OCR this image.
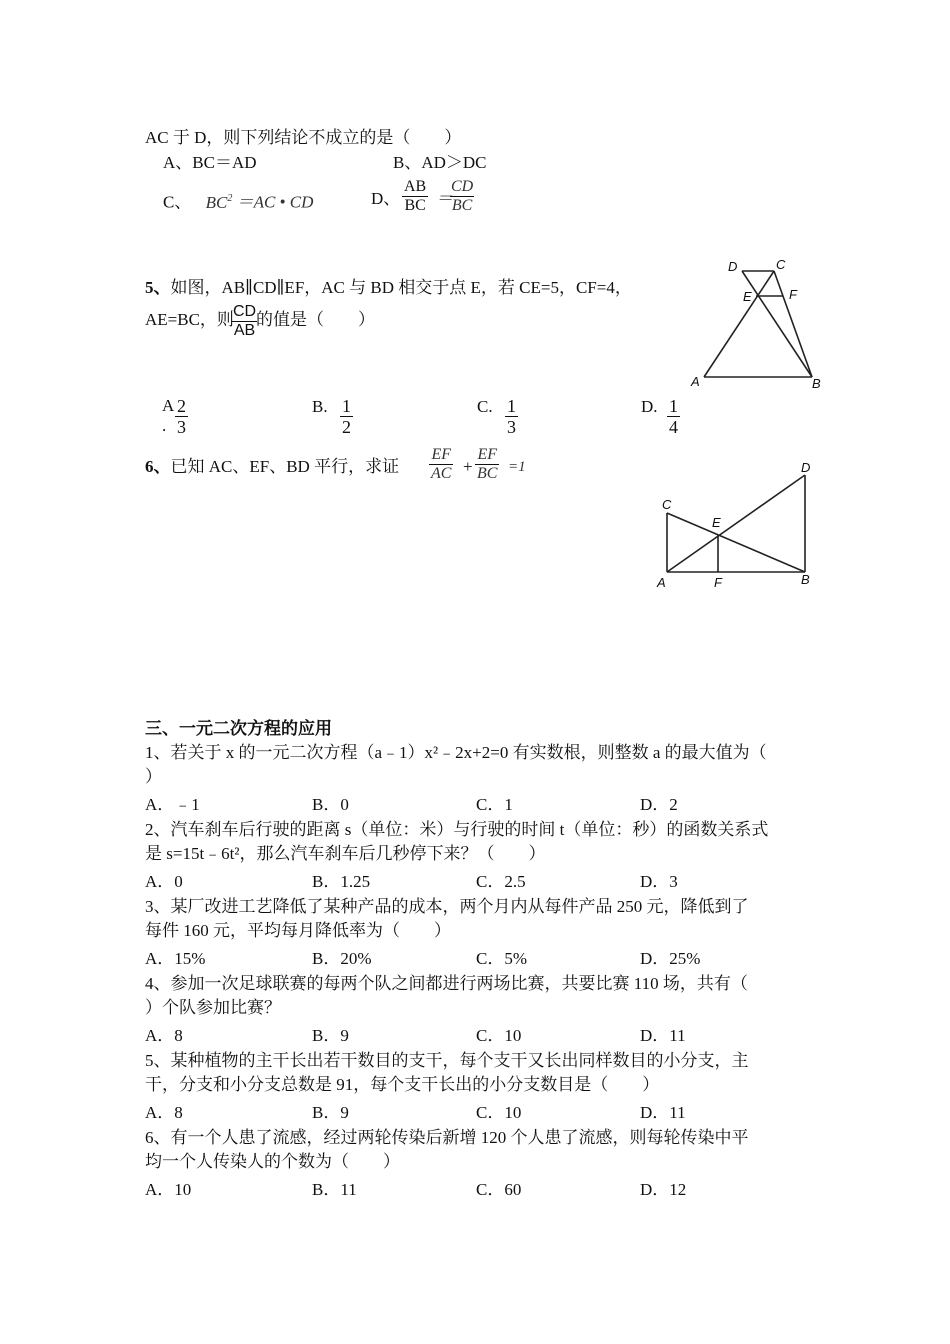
AC 于 D，则下列结论不成立的是（　　）
A、BC＝AD	B、AD＞DC
C、 $BC^2 =AC$ • CD	D、 $\frac{AB}{BC}$ ＝
$\frac{CD}{BC}$
5、如图，AB∥CD∥EF，AC 与 BD 相交于点 E，若 CE=5，CF=4，
AE=BC，则
$\frac{CD}{AB}$
的值是（　　）
A
. $\frac{2}{3}$	B. $\frac{1}{2}$	C. $\frac{1}{3}$	D. $\frac{1}{4}$
D	C
E	F
A	B
6、已知 AC、EF、BD 平行，求证 $\frac{EF}{AC} + \frac{EF}{BC} =1$
C
E
D
A	F	B
三、一元二次方程的应用
1、若关于 x 的一元二次方程（a﹣1）x²﹣2x+2=0 有实数根，则整数 a 的最大值为（
）
A．﹣1	B．0	C．1	D．2
2、汽车刹车后行驶的距离 s（单位：米）与行驶的时间 t（单位：秒）的函数关系式
是 s=15t﹣6t²，那么汽车刹车后几秒停下来？（　　）
A．0	B．1.25	C．2.5	D．3
3、某厂改进工艺降低了某种产品的成本，两个月内从每件产品 250 元，降低到了
每件 160 元，平均每月降低率为（　　）
A．15%	B．20%	C．5%	D．25%
4、参加一次足球联赛的每两个队之间都进行两场比赛，共要比赛 110 场，共有（
）个队参加比赛？
A．8	B．9	C．10	D．11
5、某种植物的主干长出若干数目的支干，每个支干又长出同样数目的小分支，主
干，分支和小分支总数是 91，每个支干长出的小分支数目是（　　）
A．8	B．9	C．10	D．11
6、有一个人患了流感，经过两轮传染后新增 120 个人患了流感，则每轮传染中平
均一个人传染人的个数为（　　）
A．10	B．11	C．60	D．12
